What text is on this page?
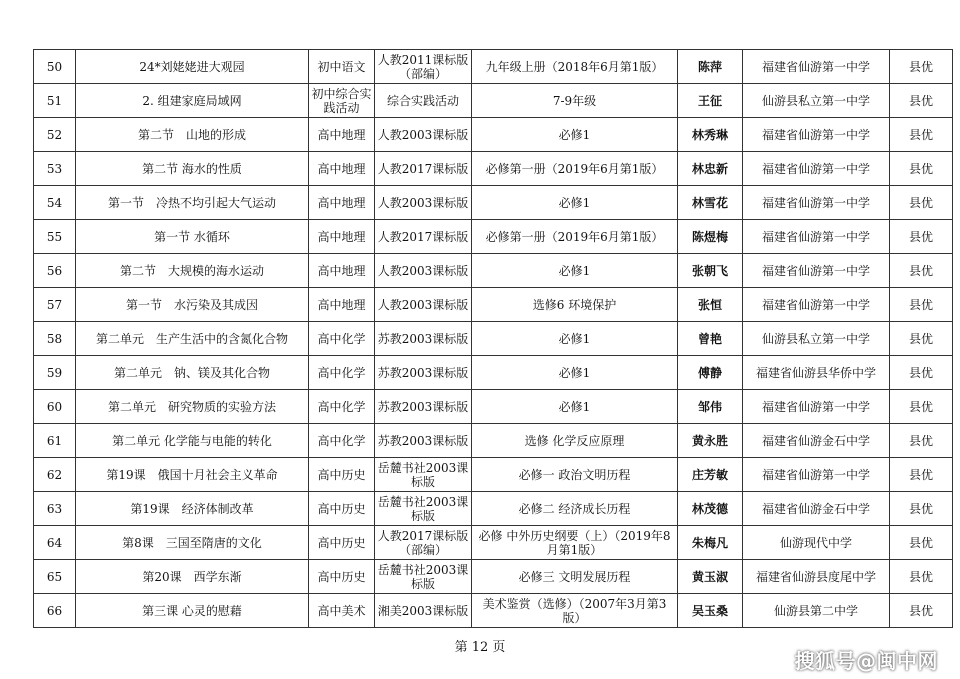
50	24*刘姥姥进大观园	初中语文	人教2011课标版（部编）	九年级上册（2018年6月第1版）	陈萍	福建省仙游第一中学	县优
51	2. 组建家庭局域网	初中综合实践活动	综合实践活动	7-9年级	王征	仙游县私立第一中学	县优
52	第二节　山地的形成	高中地理	人教2003课标版	必修1	林秀琳	福建省仙游第一中学	县优
53	第二节 海水的性质	高中地理	人教2017课标版	必修第一册（2019年6月第1版）	林忠新	福建省仙游第一中学	县优
54	第一节　冷热不均引起大气运动	高中地理	人教2003课标版	必修1	林雪花	福建省仙游第一中学	县优
55	第一节 水循环	高中地理	人教2017课标版	必修第一册（2019年6月第1版）	陈煜梅	福建省仙游第一中学	县优
56	第二节　大规模的海水运动	高中地理	人教2003课标版	必修1	张朝飞	福建省仙游第一中学	县优
57	第一节　水污染及其成因	高中地理	人教2003课标版	选修6 环境保护	张恒	福建省仙游第一中学	县优
58	第二单元　生产生活中的含氮化合物	高中化学	苏教2003课标版	必修1	曾艳	仙游县私立第一中学	县优
59	第二单元　钠、镁及其化合物	高中化学	苏教2003课标版	必修1	傅静	福建省仙游县华侨中学	县优
60	第二单元　研究物质的实验方法	高中化学	苏教2003课标版	必修1	邹伟	福建省仙游第一中学	县优
61	第二单元 化学能与电能的转化	高中化学	苏教2003课标版	选修 化学反应原理	黄永胜	福建省仙游金石中学	县优
62	第19课　俄国十月社会主义革命	高中历史	岳麓书社2003课标版	必修一 政治文明历程	庄芳敏	福建省仙游第一中学	县优
63	第19课　经济体制改革	高中历史	岳麓书社2003课标版	必修二 经济成长历程	林茂德	福建省仙游金石中学	县优
64	第8课　三国至隋唐的文化	高中历史	人教2017课标版（部编）	必修 中外历史纲要（上）（2019年8月第1版）	朱梅凡	仙游现代中学	县优
65	第20课　西学东渐	高中历史	岳麓书社2003课标版	必修三 文明发展历程	黄玉淑	福建省仙游县度尾中学	县优
66	第三课 心灵的慰藉	高中美术	湘美2003课标版	美术鉴赏（选修）（2007年3月第3版）	吴玉桑	仙游县第二中学	县优
第 12 页
搜狐号@闽中网
